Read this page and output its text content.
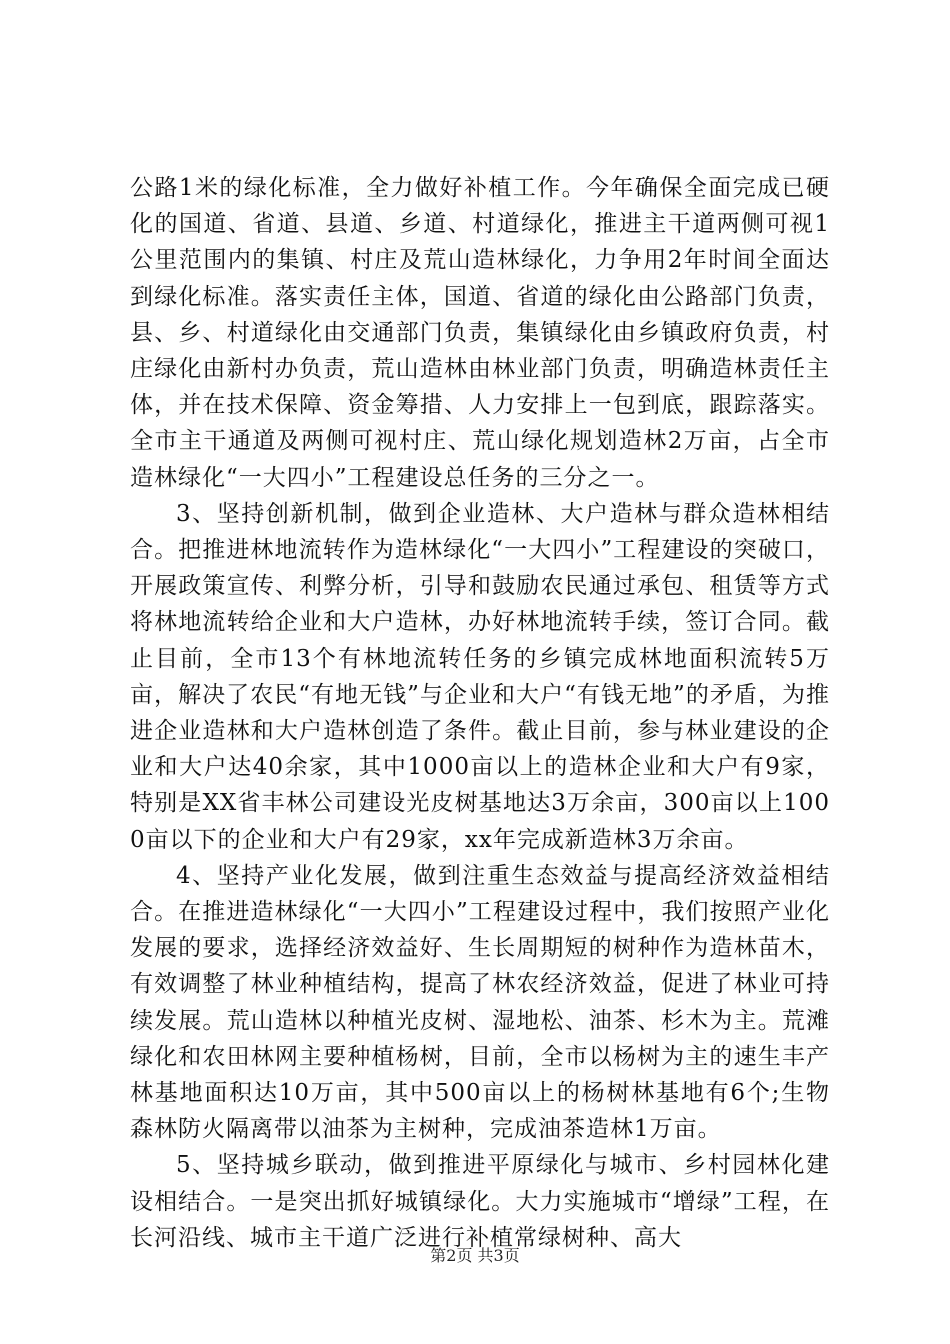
公路1米的绿化标准，全力做好补植工作。今年确保全面完成已硬化的国道、省道、县道、乡道、村道绿化，推进主干道两侧可视1公里范围内的集镇、村庄及荒山造林绿化，力争用2年时间全面达到绿化标准。落实责任主体，国道、省道的绿化由公路部门负责，县、乡、村道绿化由交通部门负责，集镇绿化由乡镇政府负责，村庄绿化由新村办负责，荒山造林由林业部门负责，明确造林责任主体，并在技术保障、资金筹措、人力安排上一包到底，跟踪落实。全市主干通道及两侧可视村庄、荒山绿化规划造林2万亩，占全市造林绿化“一大四小”工程建设总任务的三分之一。

3、坚持创新机制，做到企业造林、大户造林与群众造林相结合。把推进林地流转作为造林绿化“一大四小”工程建设的突破口，开展政策宣传、利弊分析，引导和鼓励农民通过承包、租赁等方式将林地流转给企业和大户造林，办好林地流转手续，签订合同。截止目前，全市13个有林地流转任务的乡镇完成林地面积流转5万亩，解决了农民“有地无钱”与企业和大户“有钱无地”的矛盾，为推进企业造林和大户造林创造了条件。截止目前，参与林业建设的企业和大户达40余家，其中1000亩以上的造林企业和大户有9家，特别是XX省丰林公司建设光皮树基地达3万余亩，300亩以上1000亩以下的企业和大户有29家，xx年完成新造林3万余亩。

4、坚持产业化发展，做到注重生态效益与提高经济效益相结合。在推进造林绿化“一大四小”工程建设过程中，我们按照产业化发展的要求，选择经济效益好、生长周期短的树种作为造林苗木，有效调整了林业种植结构，提高了林农经济效益，促进了林业可持续发展。荒山造林以种植光皮树、湿地松、油茶、杉木为主。荒滩绿化和农田林网主要种植杨树，目前，全市以杨树为主的速生丰产林基地面积达10万亩，其中500亩以上的杨树林基地有6个;生物森林防火隔离带以油茶为主树种，完成油茶造林1万亩。

5、坚持城乡联动，做到推进平原绿化与城市、乡村园林化建设相结合。一是突出抓好城镇绿化。大力实施城市“增绿”工程，在长河沿线、城市主干道广泛进行补植常绿树种、高大

第2页 共3页
